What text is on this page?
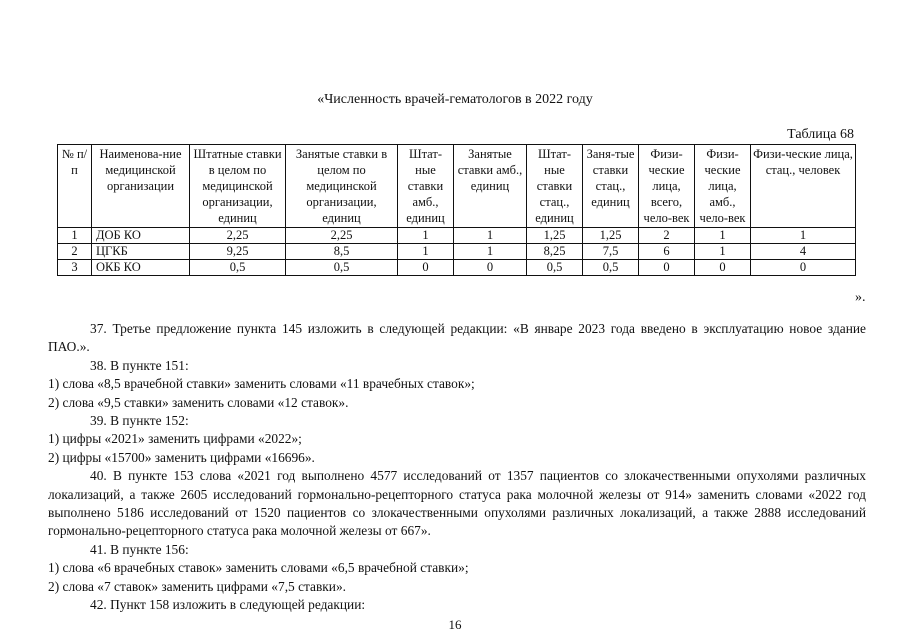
«Численность врачей-гематологов в 2022 году
Таблица 68
№ п/п	Наименова-ние медицинской организации	Штатные ставки в целом по медицинской организации, единиц	Занятые ставки в целом по медицинской организации, единиц	Штат-ные ставки амб., единиц	Занятые ставки амб., единиц	Штат-ные ставки стац., единиц	Заня-тые ставки стац., единиц	Физи-ческие лица, всего, чело-век	Физи-ческие лица, амб., чело-век	Физи-ческие лица, стац., человек
1	ДОБ КО	2,25	2,25	1	1	1,25	1,25	2	1	1
2	ЦГКБ	9,25	8,5	1	1	8,25	7,5	6	1	4
3	ОКБ КО	0,5	0,5	0	0	0,5	0,5	0	0	0
».

37. Третье предложение пункта 145 изложить в следующей редакции: «В январе 2023 года введено в эксплуатацию новое здание ПАО.».

38. В пункте 151:

1) слова «8,5 врачебной ставки» заменить словами «11 врачебных ставок»;

2) слова «9,5 ставки» заменить словами «12 ставок».

39. В пункте 152:

1) цифры «2021» заменить цифрами «2022»;

2) цифры «15700» заменить цифрами «16696».

40. В пункте 153 слова «2021 год выполнено 4577 исследований от 1357 пациентов со злокачественными опухолями различных локализаций, а также 2605 исследований гормонально-рецепторного статуса рака молочной железы от 914» заменить словами «2022 год выполнено 5186 исследований от 1520 пациентов со злокачественными опухолями различных локализаций, а также 2888 исследований гормонально-рецепторного статуса рака молочной железы от 667».

41. В пункте 156:

1) слова «6 врачебных ставок» заменить словами «6,5 врачебной ставки»;

2) слова «7 ставок» заменить цифрами «7,5 ставки».

42. Пункт 158 изложить в следующей редакции:

16
